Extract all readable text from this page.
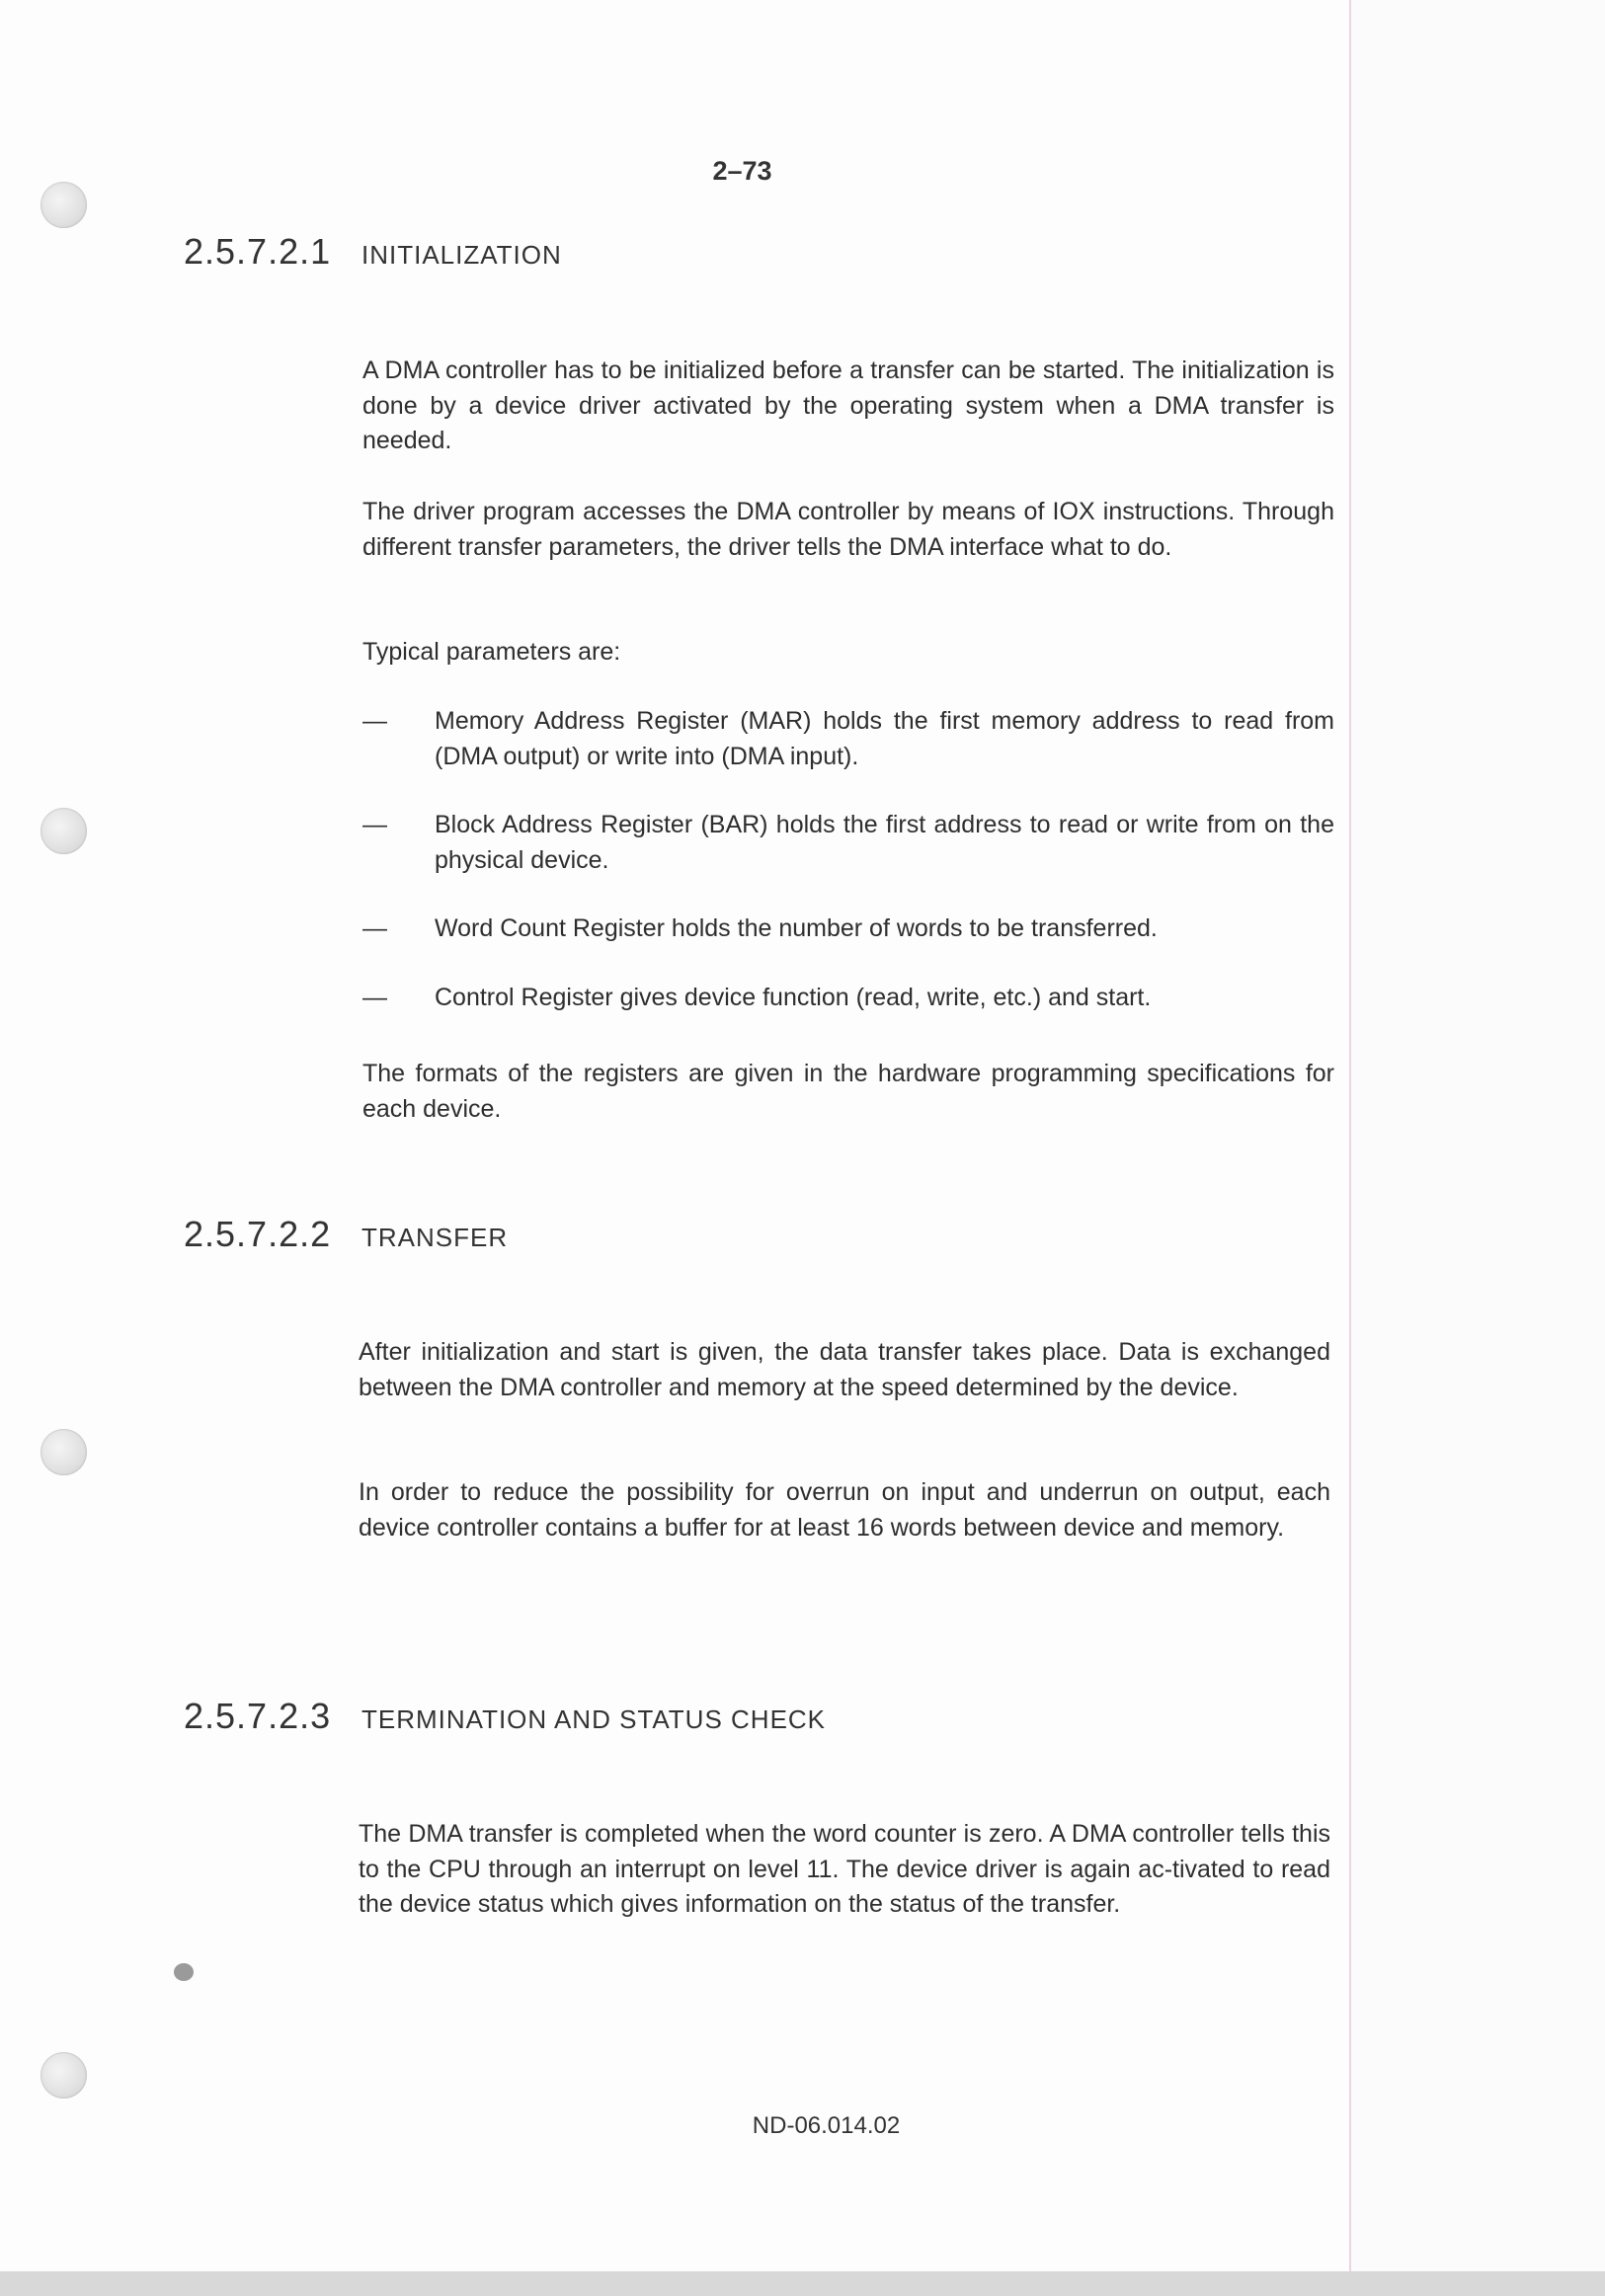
2–73
2.5.7.2.1	INITIALIZATION

A DMA controller has to be initialized before a transfer can be started. The initialization is done by a device driver activated by the operating system when a DMA transfer is needed.

The driver program accesses the DMA controller by means of IOX instructions. Through different transfer parameters, the driver tells the DMA interface what to do.

Typical parameters are:

—	Memory Address Register (MAR) holds the first memory address to read from (DMA output) or write into (DMA input).
—	Block Address Register (BAR) holds the first address to read or write from on the physical device.
—	Word Count Register holds the number of words to be transferred.
—	Control Register gives device function (read, write, etc.) and start.

The formats of the registers are given in the hardware programming specifications for each device.

2.5.7.2.2	TRANSFER

After initialization and start is given, the data transfer takes place. Data is exchanged between the DMA controller and memory at the speed determined by the device.

In order to reduce the possibility for overrun on input and underrun on output, each device controller contains a buffer for at least 16 words between device and memory.

2.5.7.2.3	TERMINATION AND STATUS CHECK

The DMA transfer is completed when the word counter is zero. A DMA controller tells this to the CPU through an interrupt on level 11. The device driver is again ac-tivated to read the device status which gives information on the status of the transfer.

ND-06.014.02
